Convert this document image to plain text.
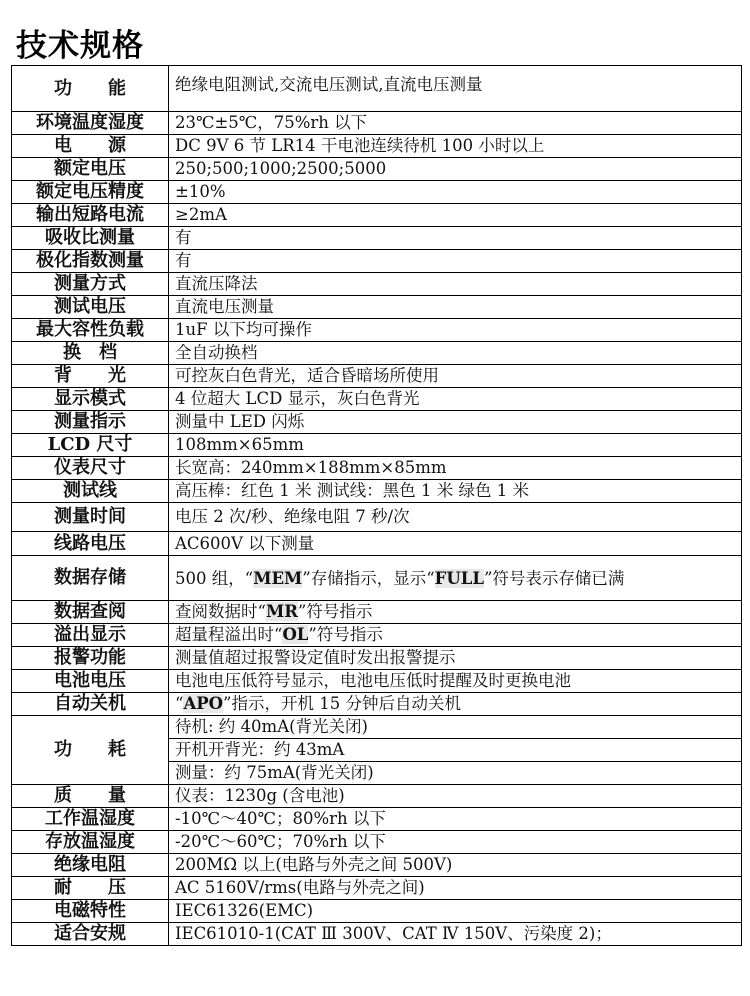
技术规格
功　　能	绝缘电阻测试,交流电压测试,直流电压测量
环境温度湿度	23℃±5℃，75%rh 以下
电　　源	DC 9V 6 节 LR14 干电池连续待机 100 小时以上
额定电压	250;500;1000;2500;5000
额定电压精度	±10%
输出短路电流	≥2mA
吸收比测量	有
极化指数测量	有
测量方式	直流压降法
测试电压	直流电压测量
最大容性负载	1uF 以下均可操作
换　档	全自动换档
背　　光	可控灰白色背光，适合昏暗场所使用
显示模式	4 位超大 LCD 显示，灰白色背光
测量指示	测量中 LED 闪烁
LCD 尺寸	108mm×65mm
仪表尺寸	长宽高：240mm×188mm×85mm
测试线	高压棒：红色 1 米 测试线：黑色 1 米 绿色 1 米
测量时间	电压 2 次/秒、绝缘电阻 7 秒/次
线路电压	AC600V 以下测量
数据存储	500 组，“MEM”存储指示，显示“FULL”符号表示存储已满
数据查阅	查阅数据时“MR”符号指示
溢出显示	超量程溢出时“OL”符号指示
报警功能	测量值超过报警设定值时发出报警提示
电池电压	电池电压低符号显示，电池电压低时提醒及时更换电池
自动关机	“APO”指示，开机 15 分钟后自动关机
功　　耗	待机: 约 40mA(背光关闭)
	开机开背光：约 43mA
	测量：约 75mA(背光关闭)
质　　量	仪表：1230g (含电池)
工作温湿度	-10℃～40℃；80%rh 以下
存放温湿度	-20℃～60℃；70%rh 以下
绝缘电阻	200MΩ 以上(电路与外壳之间 500V)
耐　　压	AC 5160V/rms(电路与外壳之间)
电磁特性	IEC61326(EMC)
适合安规	IEC61010-1(CAT Ⅲ 300V、CAT Ⅳ 150V、污染度 2)；
